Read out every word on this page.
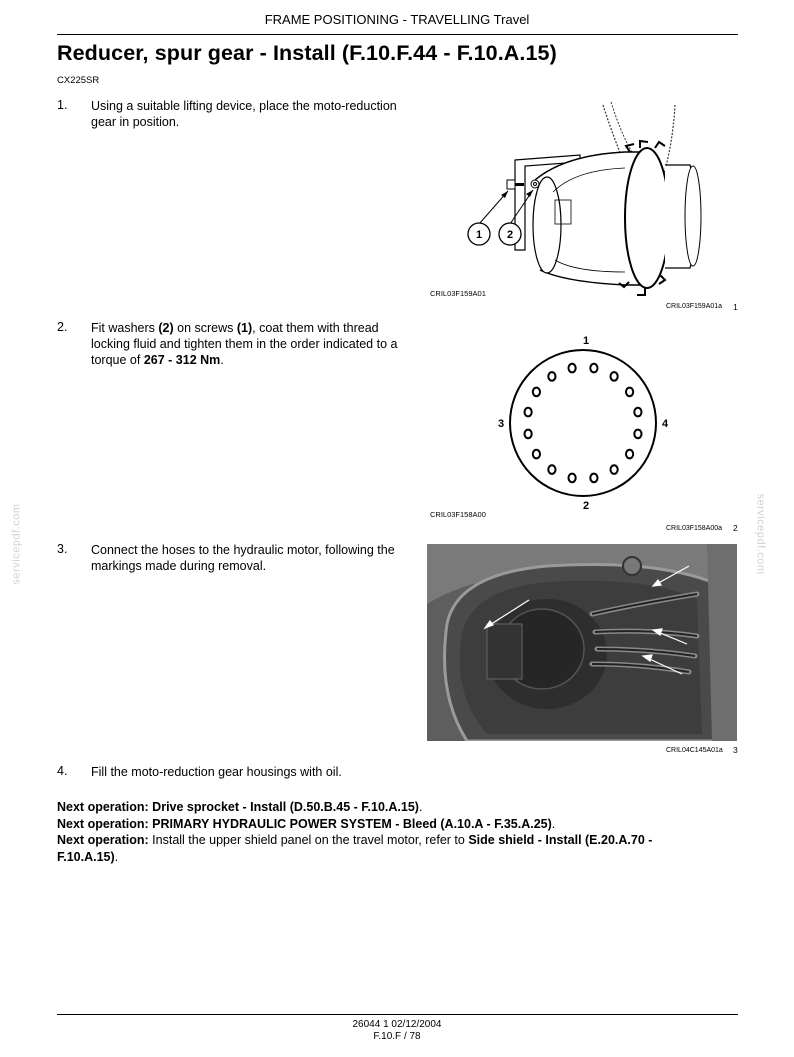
FRAME POSITIONING - TRAVELLING Travel
Reducer, spur gear - Install (F.10.F.44 - F.10.A.15)
CX225SR
1. Using a suitable lifting device, place the moto-reduction gear in position.
1 2
CRIL03F159A01
CRIL03F159A01a 1
2. Fit washers (2) on screws (1), coat them with thread locking fluid and tighten them in the order indicated to a torque of 267 - 312 Nm.
1
2
3	4
CRIL03F158A00
CRIL03F158A00a 2
3. Connect the hoses to the hydraulic motor, following the markings made during removal.
CRIL04C145A01a 3
4. Fill the moto-reduction gear housings with oil.

Next operation: Drive sprocket - Install (D.50.B.45 - F.10.A.15).

Next operation: PRIMARY HYDRAULIC POWER SYSTEM - Bleed (A.10.A - F.35.A.25).

Next operation: Install the upper shield panel on the travel motor, refer to Side shield - Install (E.20.A.70 - F.10.A.15).

servicepdf.com	servicepdf.com
26044 1 02/12/2004
F.10.F / 78
